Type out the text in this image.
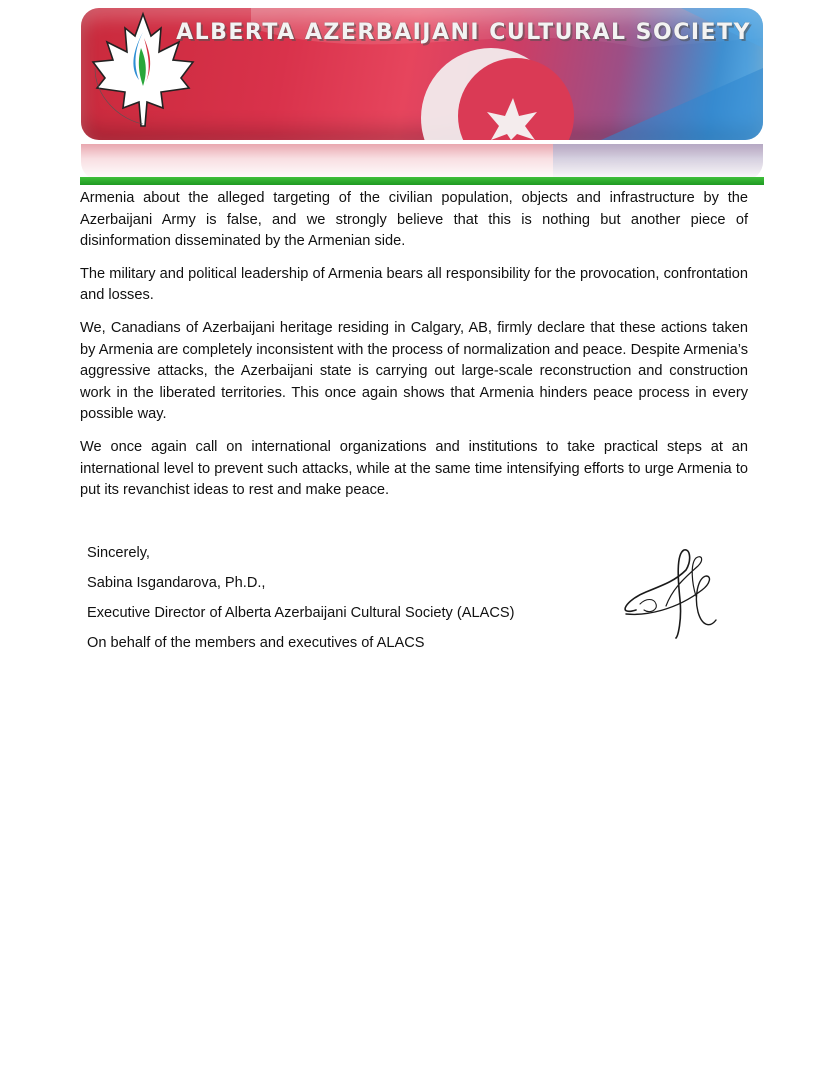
ALBERTA AZERBAIJANI CULTURAL SOCIETY

Armenia about the alleged targeting of the civilian population, objects and infrastructure by the Azerbaijani Army is false, and we strongly believe that this is nothing but another piece of disinformation disseminated by the Armenian side.

The military and political leadership of Armenia bears all responsibility for the provocation, confrontation and losses.

We, Canadians of Azerbaijani heritage residing in Calgary, AB, firmly declare that these actions taken by Armenia are completely inconsistent with the process of normalization and peace. Despite Armenia’s aggressive attacks, the Azerbaijani state is carrying out large-scale reconstruction and construction work in the liberated territories. This once again shows that Armenia hinders peace process in every possible way.

We once again call on international organizations and institutions to take practical steps at an international level to prevent such attacks, while at the same time intensifying efforts to urge Armenia to put its revanchist ideas to rest and make peace.

Sincerely,
Sabina Isgandarova, Ph.D.,
Executive Director of Alberta Azerbaijani Cultural Society (ALACS)
On behalf of the members and executives of ALACS
